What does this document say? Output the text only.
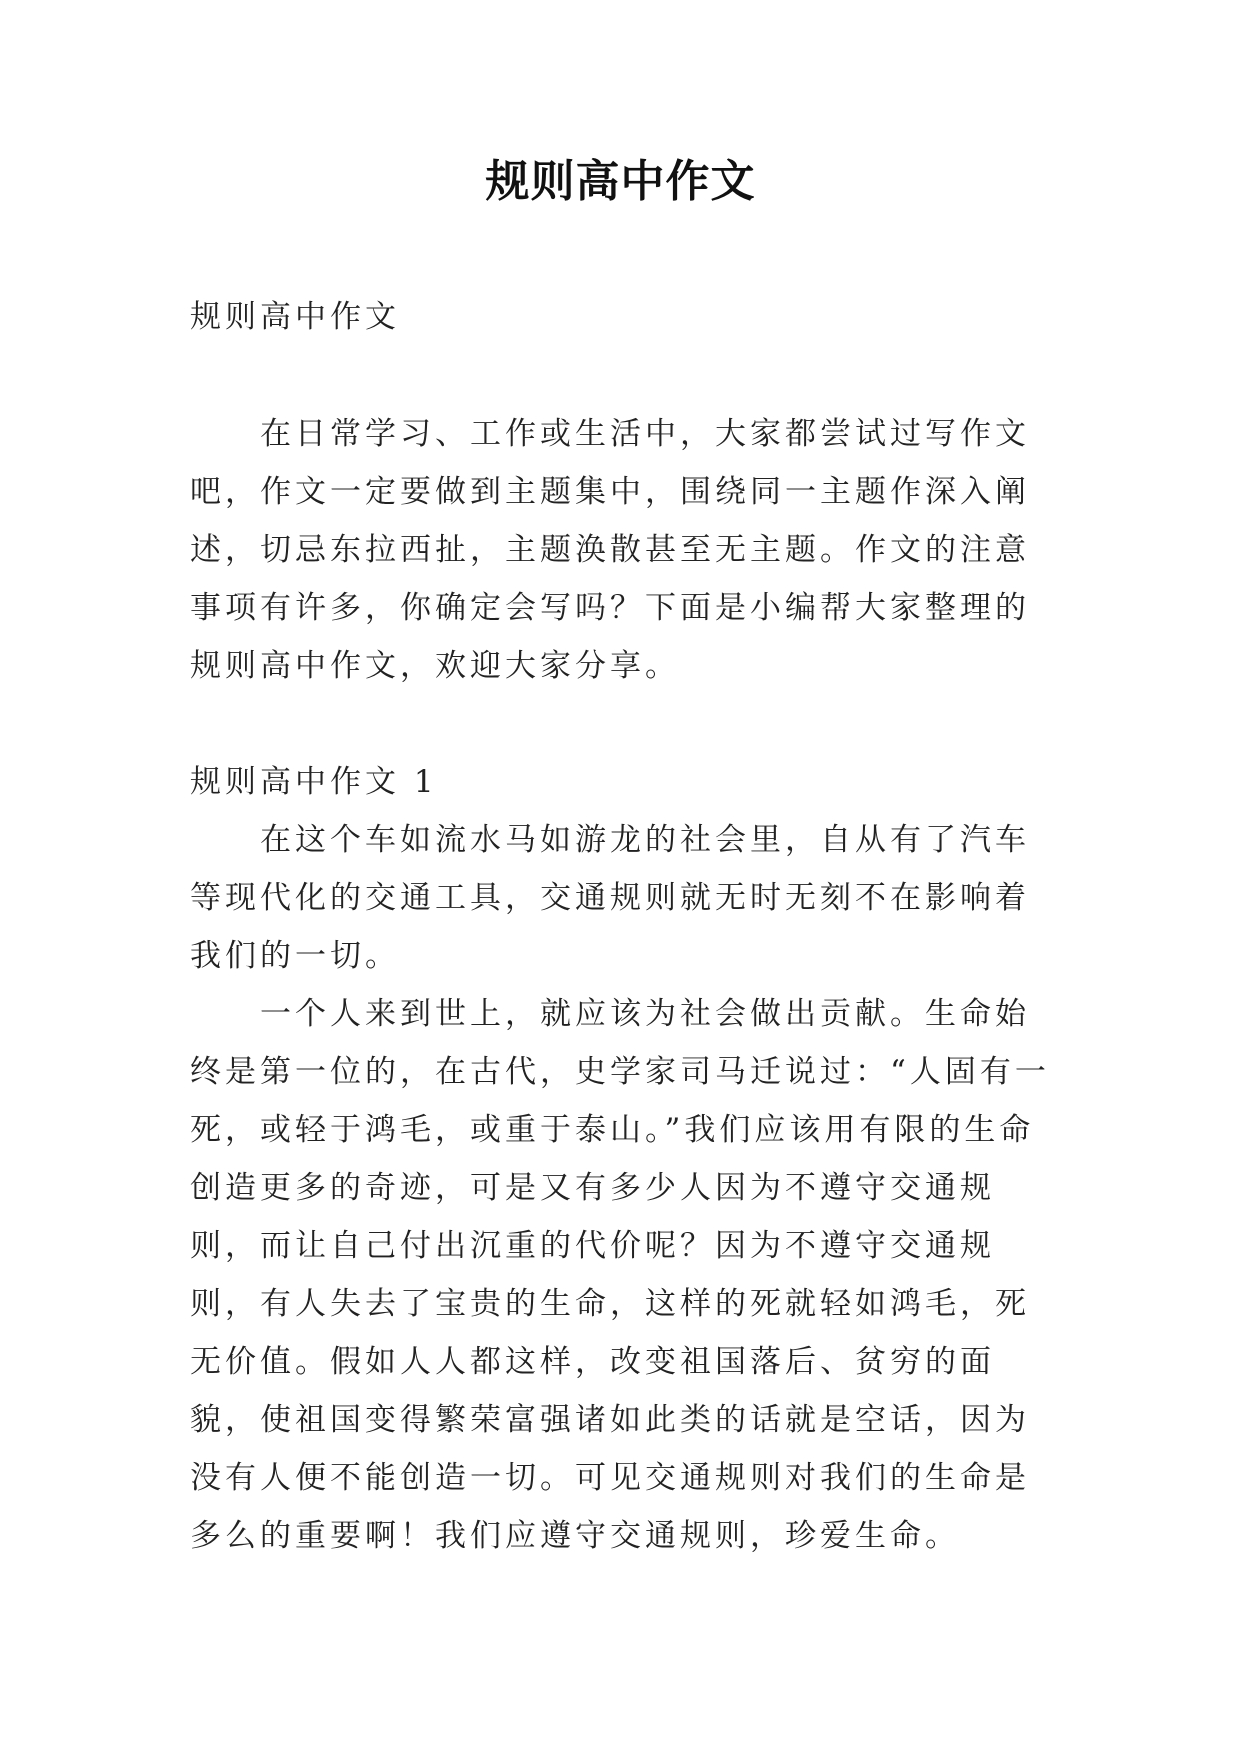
规则高中作文

规则高中作文

在日常学习、工作或生活中，大家都尝试过写作文吧，作文一定要做到主题集中，围绕同一主题作深入阐述，切忌东拉西扯，主题涣散甚至无主题。作文的注意事项有许多，你确定会写吗？下面是小编帮大家整理的规则高中作文，欢迎大家分享。

规则高中作文 1

在这个车如流水马如游龙的社会里，自从有了汽车等现代化的交通工具，交通规则就无时无刻不在影响着我们的一切。

一个人来到世上，就应该为社会做出贡献。生命始终是第一位的，在古代，史学家司马迁说过：“人固有一死，或轻于鸿毛，或重于泰山。”我们应该用有限的生命创造更多的奇迹，可是又有多少人因为不遵守交通规则，而让自己付出沉重的代价呢？因为不遵守交通规则，有人失去了宝贵的生命，这样的死就轻如鸿毛，死无价值。假如人人都这样，改变祖国落后、贫穷的面貌，使祖国变得繁荣富强诸如此类的话就是空话，因为没有人便不能创造一切。可见交通规则对我们的生命是多么的重要啊！我们应遵守交通规则，珍爱生命。
